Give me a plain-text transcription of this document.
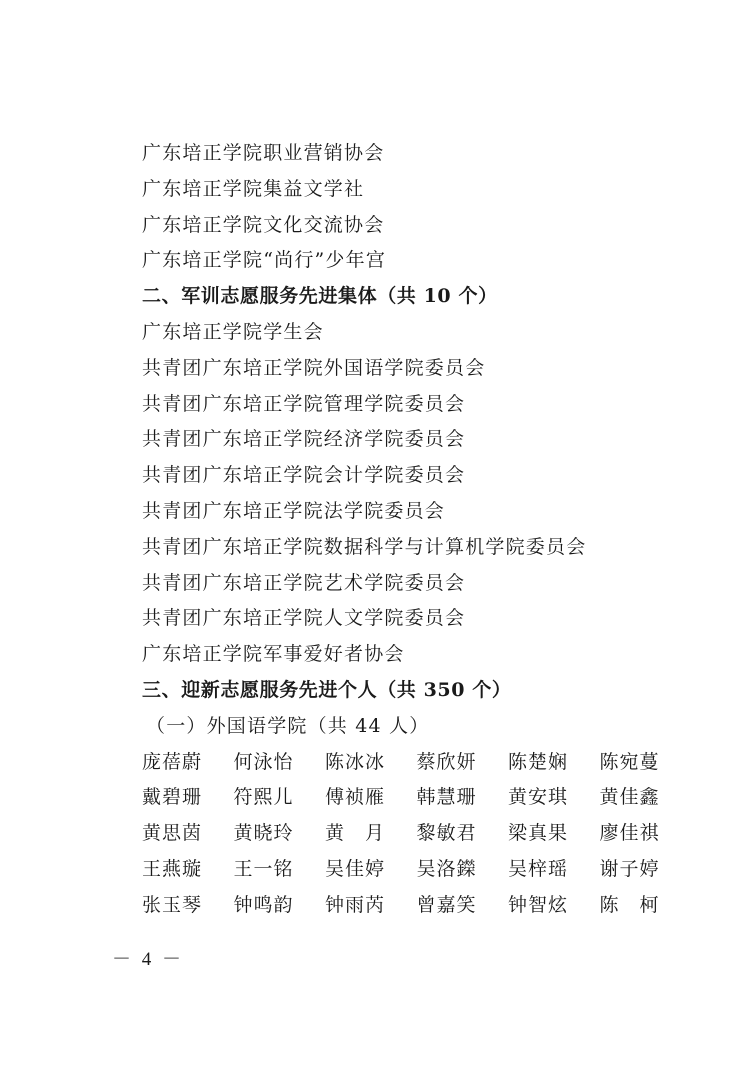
广东培正学院职业营销协会
广东培正学院集益文学社
广东培正学院文化交流协会
广东培正学院“尚行”少年宫
二、军训志愿服务先进集体（共 10 个）
广东培正学院学生会
共青团广东培正学院外国语学院委员会
共青团广东培正学院管理学院委员会
共青团广东培正学院经济学院委员会
共青团广东培正学院会计学院委员会
共青团广东培正学院法学院委员会
共青团广东培正学院数据科学与计算机学院委员会
共青团广东培正学院艺术学院委员会
共青团广东培正学院人文学院委员会
广东培正学院军事爱好者协会
三、迎新志愿服务先进个人（共 350 个）
（一）外国语学院（共 44 人）
庞蓓蔚	何泳怡	陈冰冰	蔡欣妍	陈楚娴	陈宛蔓
戴碧珊	符熙儿	傅祯雁	韩慧珊	黄安琪	黄佳鑫
黄思茵	黄晓玲	黄　月	黎敏君	梁真果	廖佳祺
王燕璇	王一铭	吴佳婷	吴洛鑅	吴梓瑶	谢子婷
张玉琴	钟鸣韵	钟雨芮	曾嘉笑	钟智炫	陈　柯
－ 4 －
